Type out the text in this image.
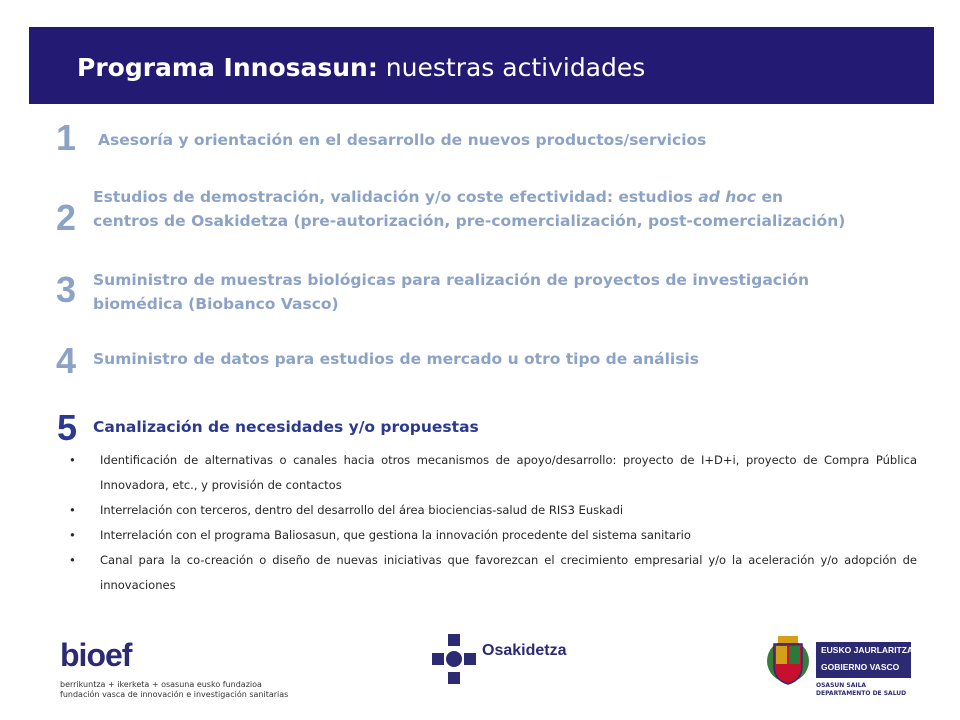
Programa Innosasun: nuestras actividades
1 Asesoría y orientación en el desarrollo de nuevos productos/servicios

2 Estudios de demostración, validación y/o coste efectividad: estudios ad hoc en centros de Osakidetza (pre-autorización, pre-comercialización, post-comercialización)

3 Suministro de muestras biológicas para realización de proyectos de investigación biomédica (Biobanco Vasco)

4 Suministro de datos para estudios de mercado u otro tipo de análisis

5 Canalización de necesidades y/o propuestas

• Identificación de alternativas o canales hacia otros mecanismos de apoyo/desarrollo: proyecto de I+D+i, proyecto de Compra Pública Innovadora, etc., y provisión de contactos
• Interrelación con terceros, dentro del desarrollo del área biociencias-salud de RIS3 Euskadi
• Interrelación con el programa Baliosasun, que gestiona la innovación procedente del sistema sanitario
• Canal para la co-creación o diseño de nuevas iniciativas que favorezcan el crecimiento empresarial y/o la aceleración y/o adopción de innovaciones
bioef
berrikuntza + ikerketa + osasuna eusko fundazioa
fundación vasca de innovación e investigación sanitarias
Osakidetza	EUSKO JAURLARITZA
GOBIERNO VASCO
OSASUN SAILA
DEPARTAMENTO DE SALUD
